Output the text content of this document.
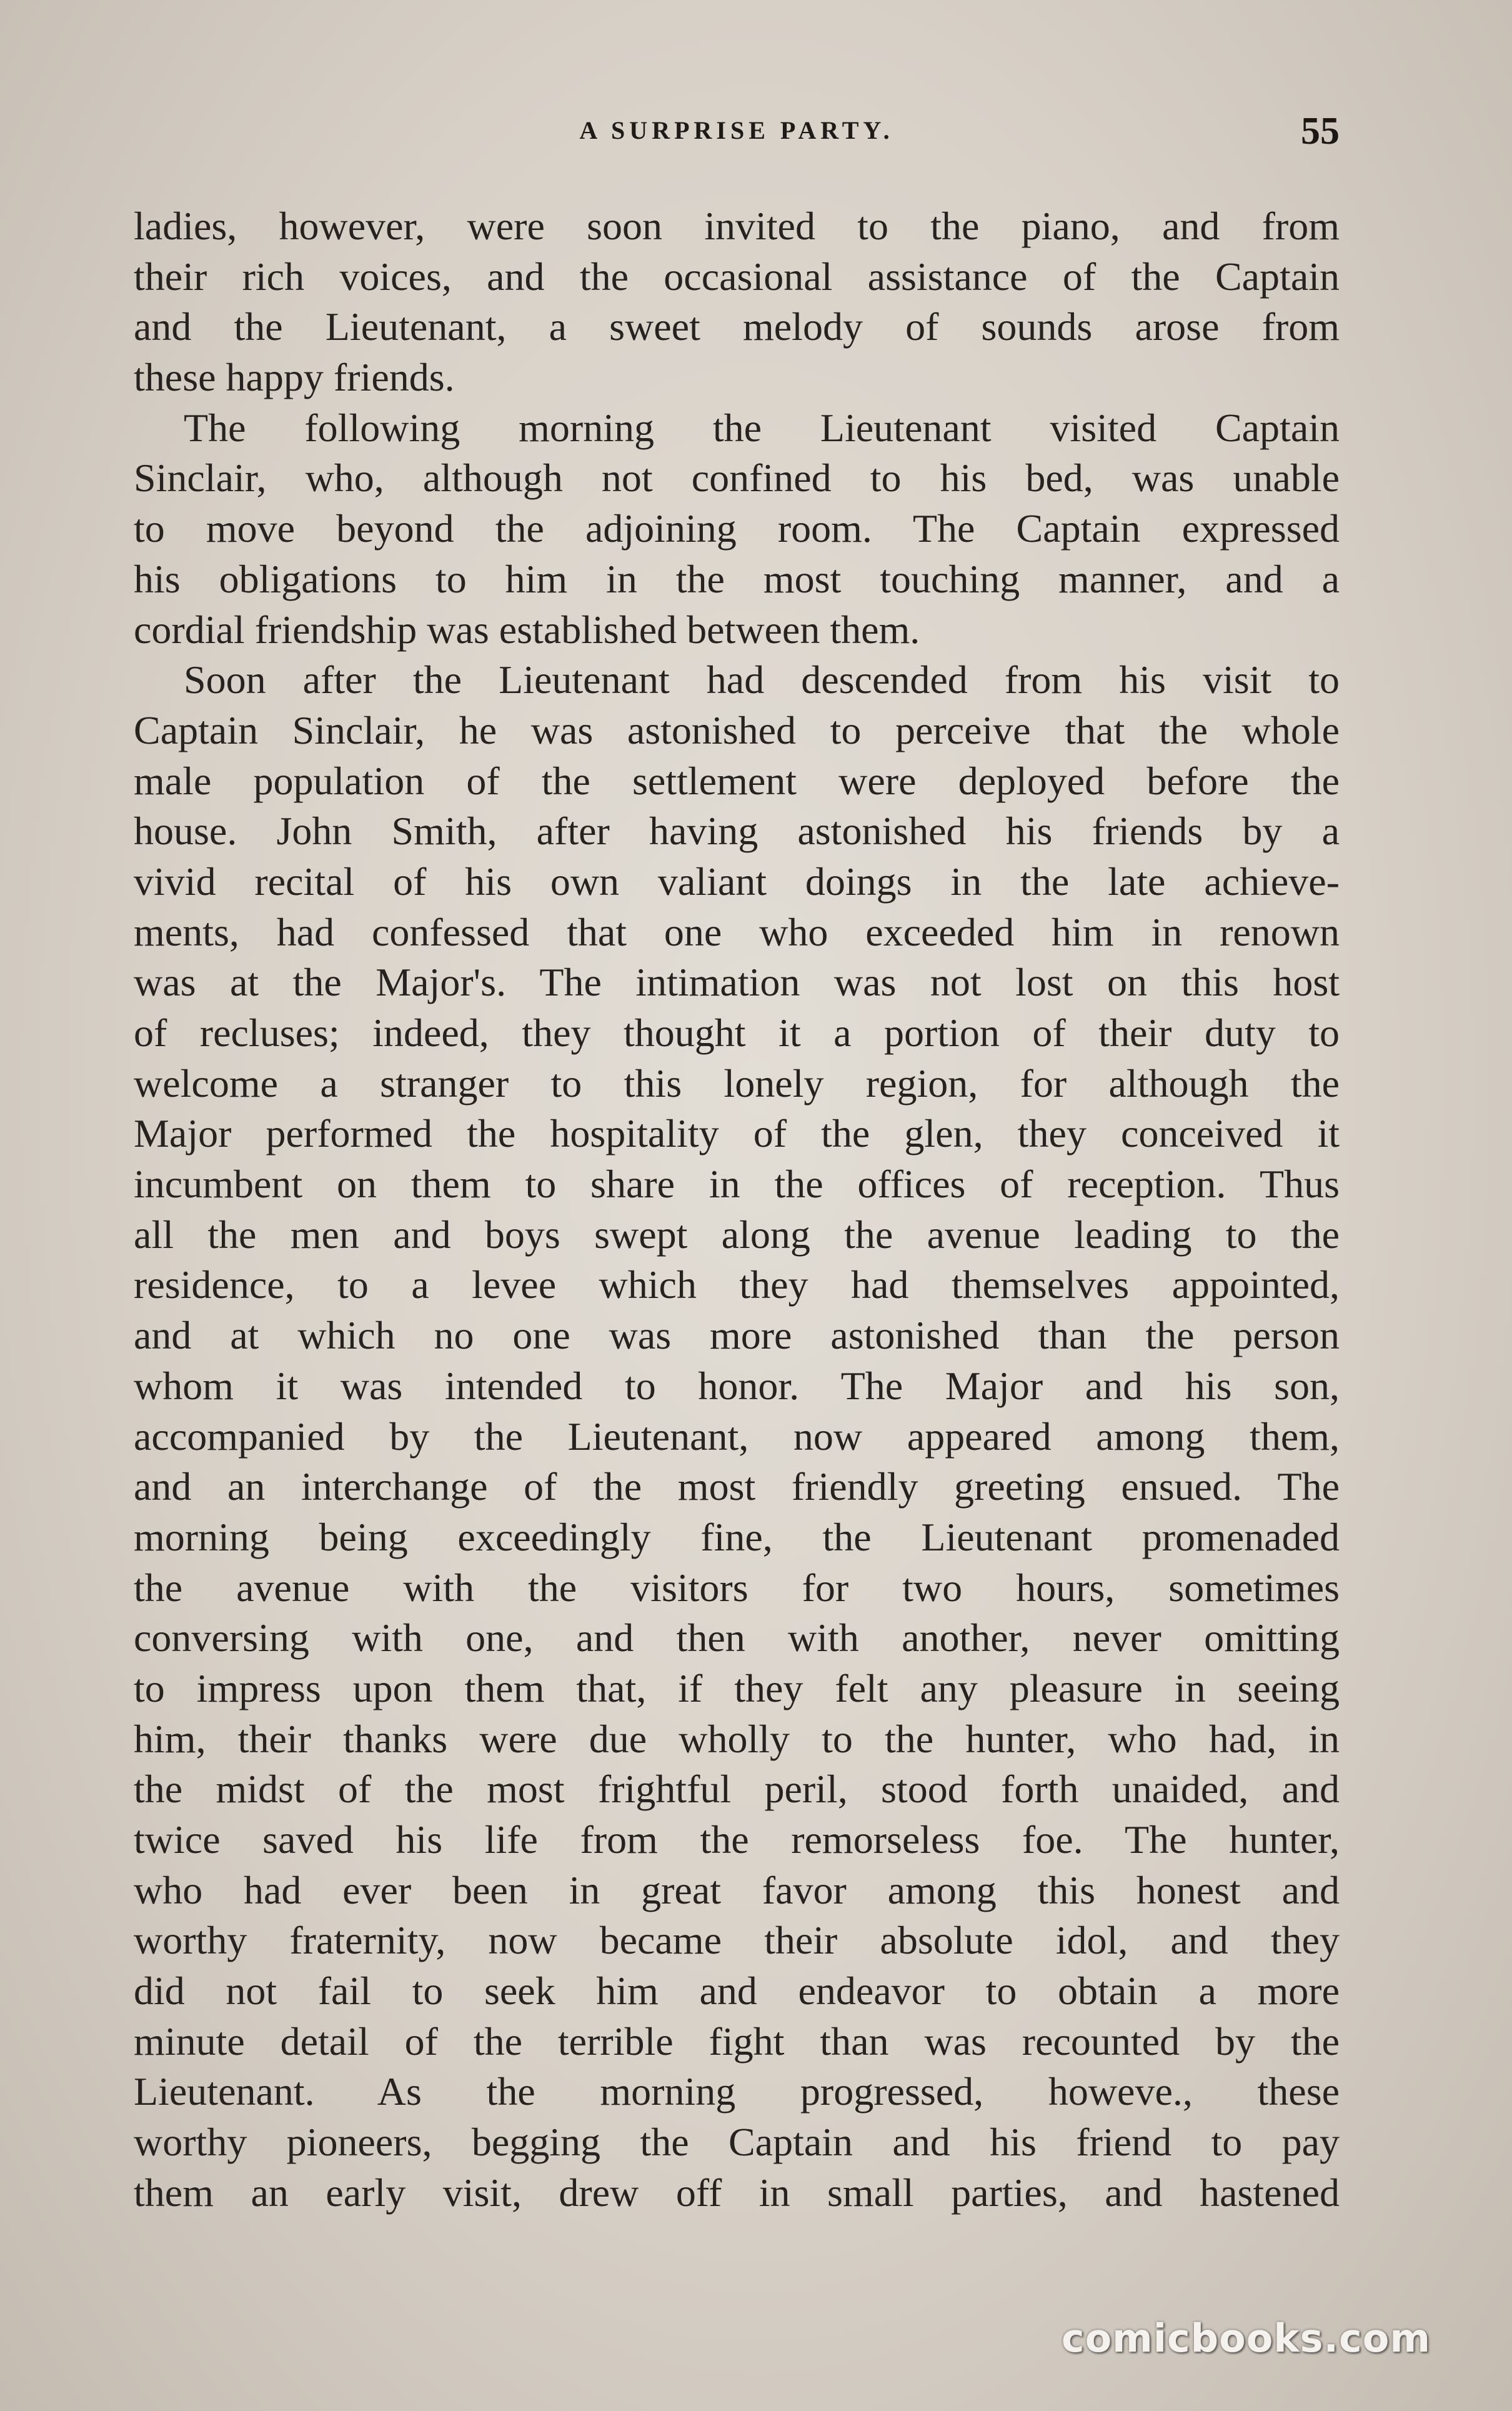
A SURPRISE PARTY.	55
ladies, however, were soon invited to the piano, and from
their rich voices, and the occasional assistance of the Captain
and the Lieutenant, a sweet melody of sounds arose from
these happy friends.
The following morning the Lieutenant visited Captain
Sinclair, who, although not confined to his bed, was unable
to move beyond the adjoining room. The Captain expressed
his obligations to him in the most touching manner, and a
cordial friendship was established between them.
Soon after the Lieutenant had descended from his visit to
Captain Sinclair, he was astonished to perceive that the whole
male population of the settlement were deployed before the
house. John Smith, after having astonished his friends by a
vivid recital of his own valiant doings in the late achieve-
ments, had confessed that one who exceeded him in renown
was at the Major's. The intimation was not lost on this host
of recluses; indeed, they thought it a portion of their duty to
welcome a stranger to this lonely region, for although the
Major performed the hospitality of the glen, they conceived it
incumbent on them to share in the offices of reception. Thus
all the men and boys swept along the avenue leading to the
residence, to a levee which they had themselves appointed,
and at which no one was more astonished than the person
whom it was intended to honor. The Major and his son,
accompanied by the Lieutenant, now appeared among them,
and an interchange of the most friendly greeting ensued. The
morning being exceedingly fine, the Lieutenant promenaded
the avenue with the visitors for two hours, sometimes
conversing with one, and then with another, never omitting
to impress upon them that, if they felt any pleasure in seeing
him, their thanks were due wholly to the hunter, who had, in
the midst of the most frightful peril, stood forth unaided, and
twice saved his life from the remorseless foe. The hunter,
who had ever been in great favor among this honest and
worthy fraternity, now became their absolute idol, and they
did not fail to seek him and endeavor to obtain a more
minute detail of the terrible fight than was recounted by the
Lieutenant. As the morning progressed, howeve., these
worthy pioneers, begging the Captain and his friend to pay
them an early visit, drew off in small parties, and hastened
comicbooks.com
